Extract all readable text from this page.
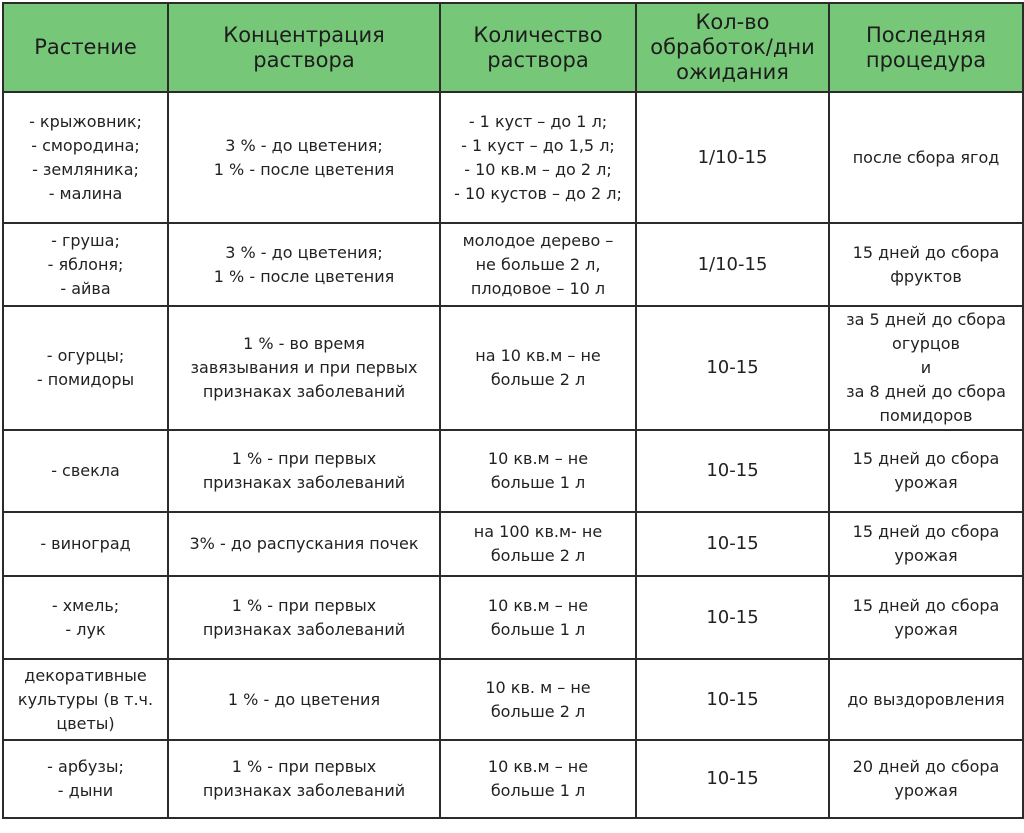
Растение	Концентрация раствора	Количество раствора	Кол-во обработок/дни ожидания	Последняя процедура

- крыжовник;
- смородина;
- земляника;
- малина	3 % - до цветения;
1 % - после цветения	- 1 куст – до 1 л;
- 1 куст – до 1,5 л;
- 10 кв.м – до 2 л;
- 10 кустов – до 2 л;	1/10-15	после сбора ягод

- груша;
- яблоня;
- айва	3 % - до цветения;
1 % - после цветения	молодое дерево –
не больше 2 л,
плодовое – 10 л	1/10-15	15 дней до сбора
фруктов

- огурцы;
- помидоры	1 % - во время
завязывания и при первых
признаках заболеваний	на 10 кв.м – не
больше 2 л	10-15	за 5 дней до сбора
огурцов
и
за 8 дней до сбора
помидоров

- свекла	1 % - при первых
признаках заболеваний	10 кв.м – не
больше 1 л	10-15	15 дней до сбора
урожая

- виноград	3% - до распускания почек	на 100 кв.м- не
больше 2 л	10-15	15 дней до сбора
урожая

- хмель;
- лук	1 % - при первых
признаках заболеваний	10 кв.м – не
больше 1 л	10-15	15 дней до сбора
урожая

декоративные
культуры (в т.ч.
цветы)	1 % - до цветения	10 кв. м – не
больше 2 л	10-15	до выздоровления

- арбузы;
- дыни	1 % - при первых
признаках заболеваний	10 кв.м – не
больше 1 л	10-15	20 дней до сбора
урожая
